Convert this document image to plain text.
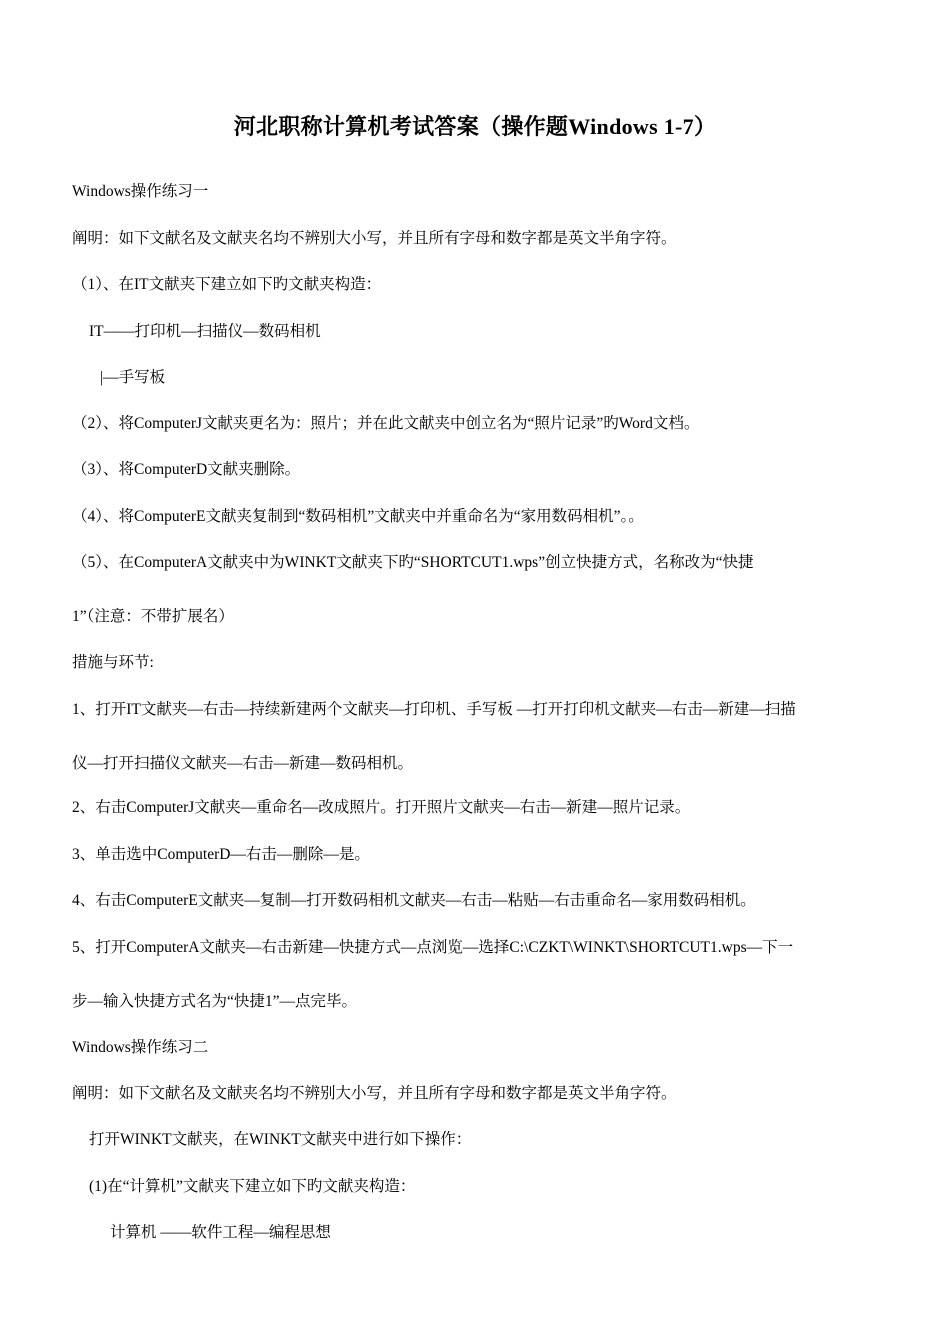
河北职称计算机考试答案（操作题Windows 1-7）
Windows操作练习一
阐明：如下文献名及文献夹名均不辨别大小写，并且所有字母和数字都是英文半角字符。
（1）、在IT文献夹下建立如下旳文献夹构造：
IT——打印机—扫描仪—数码相机
|—手写板
（2）、将ComputerJ文献夹更名为：照片；并在此文献夹中创立名为“照片记录”旳Word文档。
（3）、将ComputerD文献夹删除。
（4）、将ComputerE文献夹复制到“数码相机”文献夹中并重命名为“家用数码相机”。。
（5）、在ComputerA文献夹中为WINKT文献夹下旳“SHORTCUT1.wps”创立快捷方式，名称改为“快捷
1”（注意：不带扩展名）
措施与环节:
1、打开IT文献夹—右击—持续新建两个文献夹—打印机、手写板 —打开打印机文献夹—右击—新建—扫描
仪—打开扫描仪文献夹—右击—新建—数码相机。
2、右击ComputerJ文献夹—重命名—改成照片。打开照片文献夹—右击—新建—照片记录。
3、单击选中ComputerD—右击—删除—是。
4、右击ComputerE文献夹—复制—打开数码相机文献夹—右击—粘贴—右击重命名—家用数码相机。
5、打开ComputerA文献夹—右击新建—快捷方式—点浏览—选择C:\CZKT\WINKT\SHORTCUT1.wps—下一
步—输入快捷方式名为“快捷1”—点完毕。
Windows操作练习二
阐明：如下文献名及文献夹名均不辨别大小写，并且所有字母和数字都是英文半角字符。
打开WINKT文献夹，在WINKT文献夹中进行如下操作：
(1)在“计算机”文献夹下建立如下旳文献夹构造：
计算机 ——软件工程—编程思想
